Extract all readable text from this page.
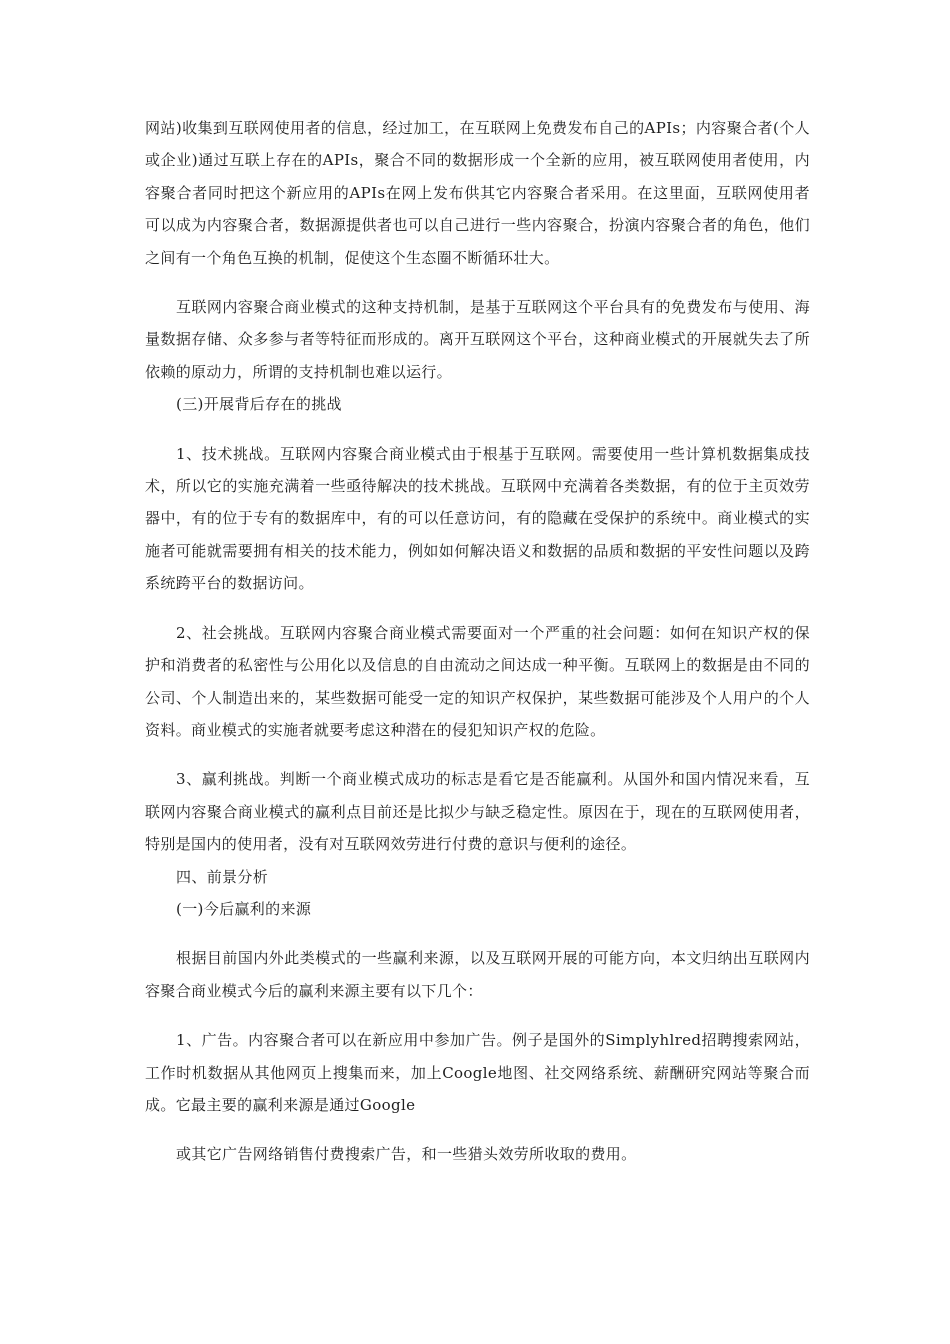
网站)收集到互联网使用者的信息，经过加工，在互联网上免费发布自己的APIs；内容聚合者(个人或企业)通过互联上存在的APIs，聚合不同的数据形成一个全新的应用，被互联网使用者使用，内容聚合者同时把这个新应用的APIs在网上发布供其它内容聚合者采用。在这里面，互联网使用者可以成为内容聚合者，数据源提供者也可以自己进行一些内容聚合，扮演内容聚合者的角色，他们之间有一个角色互换的机制，促使这个生态圈不断循环壮大。

互联网内容聚合商业模式的这种支持机制，是基于互联网这个平台具有的免费发布与使用、海量数据存储、众多参与者等特征而形成的。离开互联网这个平台，这种商业模式的开展就失去了所依赖的原动力，所谓的支持机制也难以运行。

(三)开展背后存在的挑战

1、技术挑战。互联网内容聚合商业模式由于根基于互联网。需要使用一些计算机数据集成技术，所以它的实施充满着一些亟待解决的技术挑战。互联网中充满着各类数据，有的位于主页效劳器中，有的位于专有的数据库中，有的可以任意访问，有的隐藏在受保护的系统中。商业模式的实施者可能就需要拥有相关的技术能力，例如如何解决语义和数据的品质和数据的平安性问题以及跨系统跨平台的数据访问。

2、社会挑战。互联网内容聚合商业模式需要面对一个严重的社会问题：如何在知识产权的保护和消费者的私密性与公用化以及信息的自由流动之间达成一种平衡。互联网上的数据是由不同的公司、个人制造出来的，某些数据可能受一定的知识产权保护，某些数据可能涉及个人用户的个人资料。商业模式的实施者就要考虑这种潜在的侵犯知识产权的危险。

3、赢利挑战。判断一个商业模式成功的标志是看它是否能赢利。从国外和国内情况来看，互联网内容聚合商业模式的赢利点目前还是比拟少与缺乏稳定性。原因在于，现在的互联网使用者，特别是国内的使用者，没有对互联网效劳进行付费的意识与便利的途径。

四、前景分析

(一)今后赢利的来源

根据目前国内外此类模式的一些赢利来源，以及互联网开展的可能方向，本文归纳出互联网内容聚合商业模式今后的赢利来源主要有以下几个：

1、广告。内容聚合者可以在新应用中参加广告。例子是国外的Simplyhlred招聘搜索网站，工作时机数据从其他网页上搜集而来，加上Coogle地图、社交网络系统、薪酬研究网站等聚合而成。它最主要的赢利来源是通过Google

或其它广告网络销售付费搜索广告，和一些猎头效劳所收取的费用。
